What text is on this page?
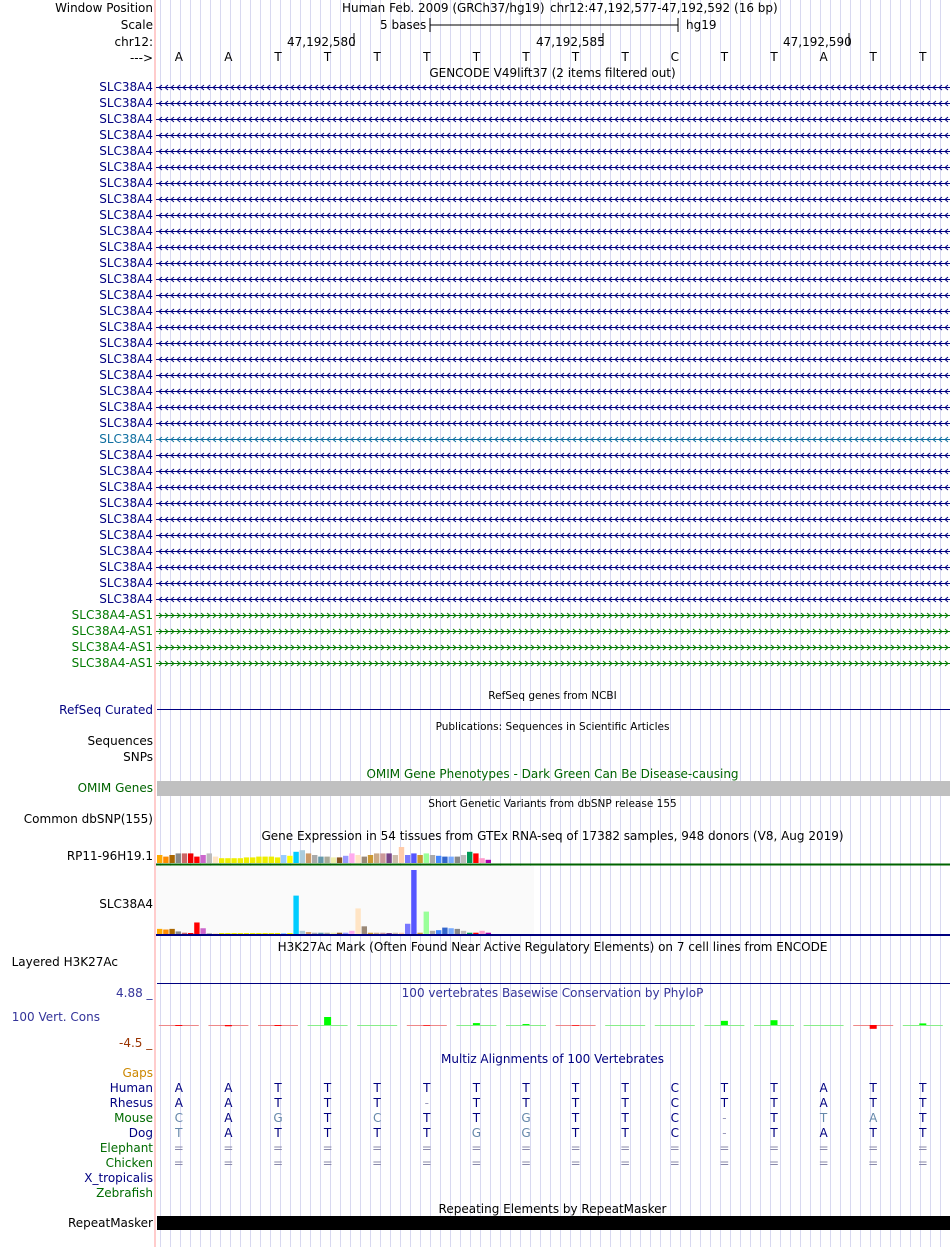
Window Position	Human Feb. 2009 (GRCh37/hg19) chr12:47,192,577-47,192,592 (16 bp)
Scale	5 bases	hg19
chr12:	47,192,580	47,192,585	47,192,590
--->	A	A	T	T	T	T	T	T	T	T	C	T	T	A	T	T
GENCODE V49lift37 (2 items filtered out)
SLC38A4
SLC38A4
SLC38A4
SLC38A4
SLC38A4
SLC38A4
SLC38A4
SLC38A4
SLC38A4
SLC38A4
SLC38A4
SLC38A4
SLC38A4
SLC38A4
SLC38A4
SLC38A4
SLC38A4
SLC38A4
SLC38A4
SLC38A4
SLC38A4
SLC38A4
SLC38A4
SLC38A4
SLC38A4
SLC38A4
SLC38A4
SLC38A4
SLC38A4
SLC38A4
SLC38A4
SLC38A4
SLC38A4
SLC38A4-AS1
SLC38A4-AS1
SLC38A4-AS1
SLC38A4-AS1
RefSeq genes from NCBI
RefSeq Curated
Publications: Sequences in Scientific Articles
Sequences
SNPs
OMIM Gene Phenotypes - Dark Green Can Be Disease-causing
OMIM Genes
Short Genetic Variants from dbSNP release 155
Common dbSNP(155)
Gene Expression in 54 tissues from GTEx RNA-seq of 17382 samples, 948 donors (V8, Aug 2019)
RP11-96H19.1
SLC38A4
H3K27Ac Mark (Often Found Near Active Regulatory Elements) on 7 cell lines from ENCODE
Layered H3K27Ac
100 vertebrates Basewise Conservation by PhyloP
4.88 _
100 Vert. Cons
-4.5 _
Multiz Alignments of 100 Vertebrates
Gaps
Human	A	A	T	T	T	T	T	T	T	T	C	T	T	A	T	T
Rhesus	A	A	T	T	T	-	T	T	T	T	C	T	T	A	T	T
Mouse	C	A	G	T	C	T	T	G	T	T	C	-	T	T	A	T
Dog	T	A	T	T	T	T	G	G	T	T	C	-	T	A	T	T
Elephant	=	=	=	=	=	=	=	=	=	=	=	=	=	=	=	=
Chicken	=	=	=	=	=	=	=	=	=	=	=	=	=	=	=	=
X_tropicalis
Zebrafish
Repeating Elements by RepeatMasker
RepeatMasker
